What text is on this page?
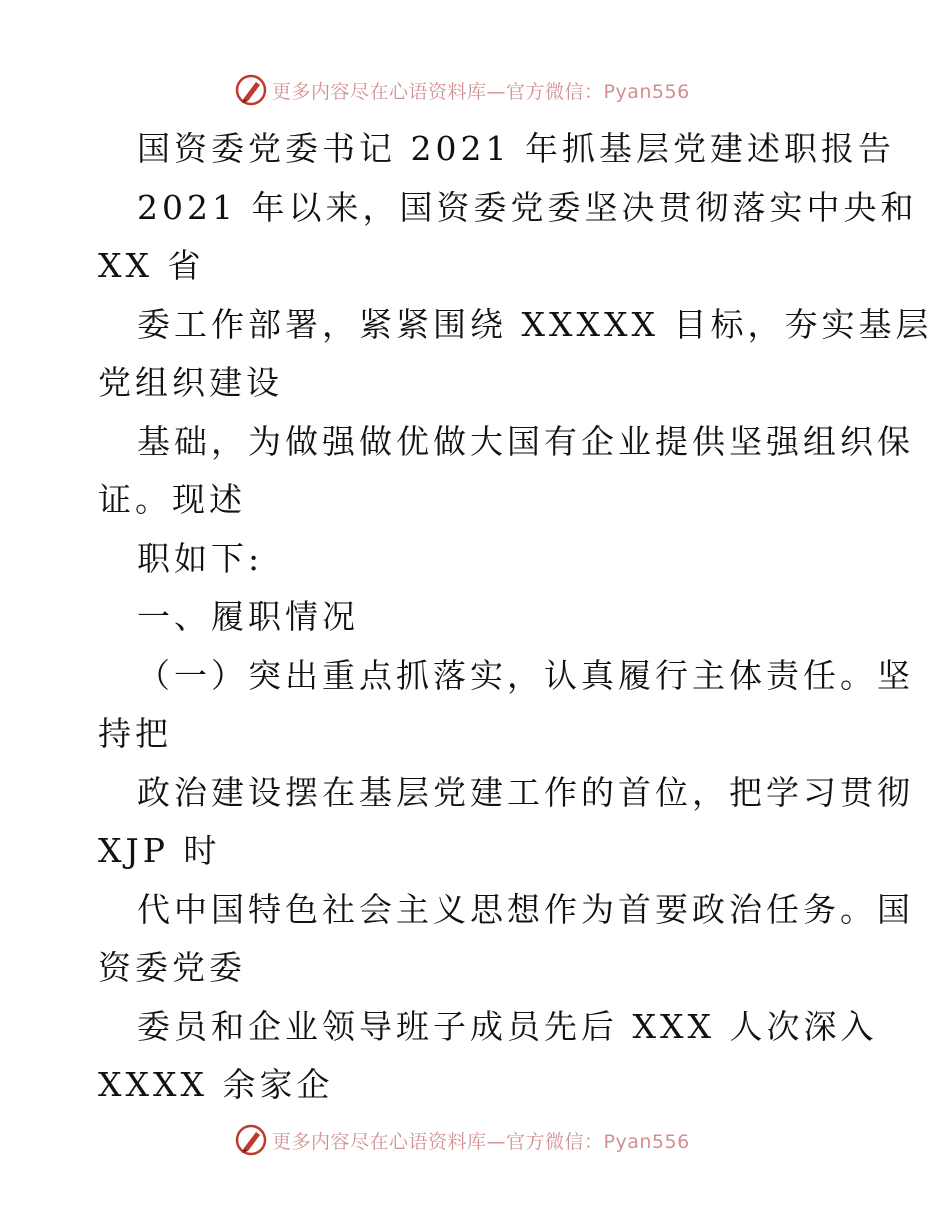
更多内容尽在心语资料库—官方微信：Pyan556
国资委党委书记 2021 年抓基层党建述职报告
2021 年以来，国资委党委坚决贯彻落实中央和
XX 省
委工作部署，紧紧围绕 XXXXX 目标，夯实基层
党组织建设
基础，为做强做优做大国有企业提供坚强组织保
证。现述
职如下:
一、履职情况
（一）突出重点抓落实，认真履行主体责任。坚
持把
政治建设摆在基层党建工作的首位，把学习贯彻
XJP 时
代中国特色社会主义思想作为首要政治任务。国
资委党委
委员和企业领导班子成员先后 XXX 人次深入
XXXX 余家企
更多内容尽在心语资料库—官方微信：Pyan556
